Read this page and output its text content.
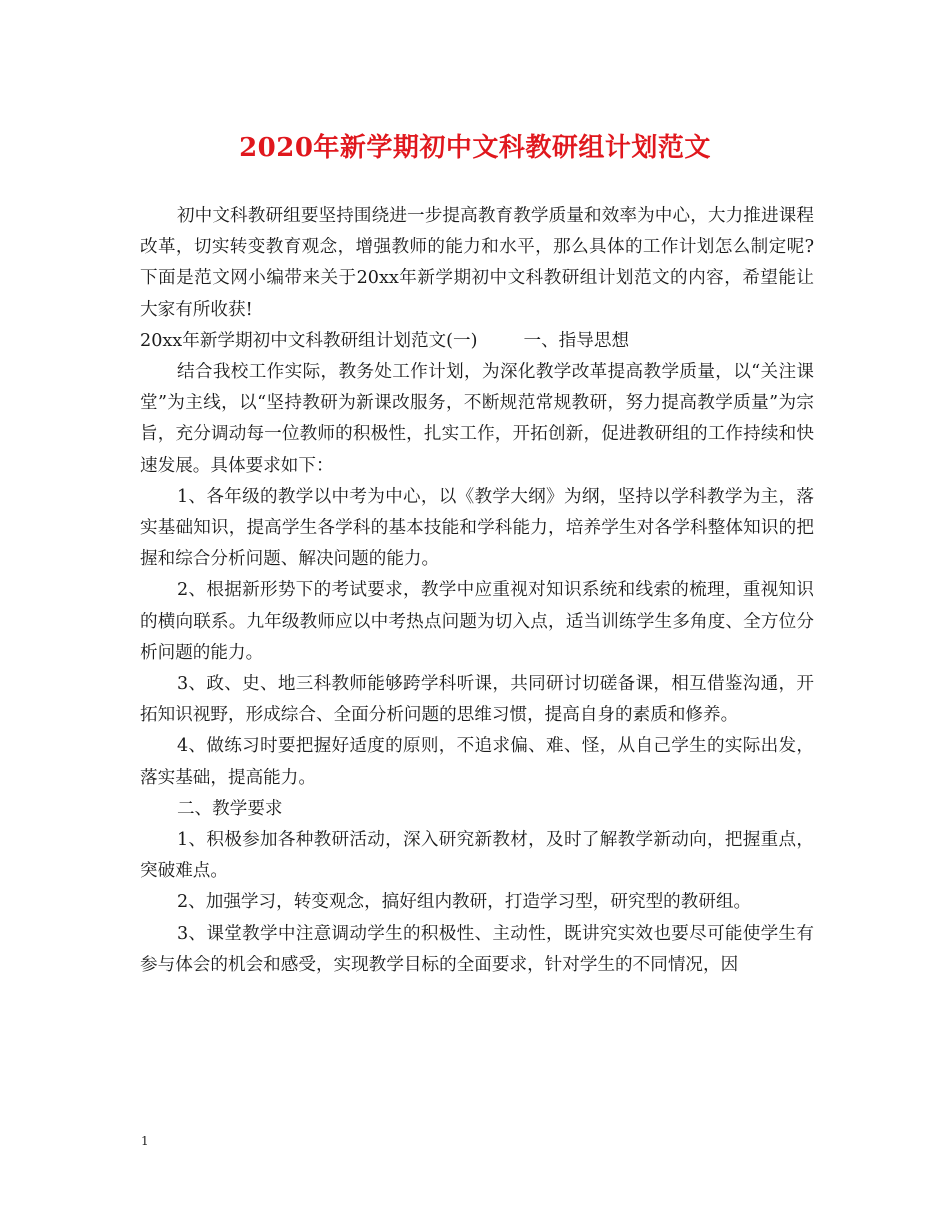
2020年新学期初中文科教研组计划范文

初中文科教研组要坚持围绕进一步提高教育教学质量和效率为中心，大力推进课程改革，切实转变教育观念，增强教师的能力和水平，那么具体的工作计划怎么制定呢?下面是范文网小编带来关于20xx年新学期初中文科教研组计划范文的内容，希望能让大家有所收获!

20xx年新学期初中文科教研组计划范文(一)	一、指导思想

结合我校工作实际，教务处工作计划，为深化教学改革提高教学质量，以“关注课堂”为主线，以“坚持教研为新课改服务，不断规范常规教研，努力提高教学质量”为宗旨，充分调动每一位教师的积极性，扎实工作，开拓创新，促进教研组的工作持续和快速发展。具体要求如下：

1、各年级的教学以中考为中心，以《教学大纲》为纲，坚持以学科教学为主，落实基础知识，提高学生各学科的基本技能和学科能力，培养学生对各学科整体知识的把握和综合分析问题、解决问题的能力。

2、根据新形势下的考试要求，教学中应重视对知识系统和线索的梳理，重视知识的横向联系。九年级教师应以中考热点问题为切入点，适当训练学生多角度、全方位分析问题的能力。

3、政、史、地三科教师能够跨学科听课，共同研讨切磋备课，相互借鉴沟通，开拓知识视野，形成综合、全面分析问题的思维习惯，提高自身的素质和修养。

4、做练习时要把握好适度的原则，不追求偏、难、怪，从自己学生的实际出发，落实基础，提高能力。

二、教学要求

1、积极参加各种教研活动，深入研究新教材，及时了解教学新动向，把握重点，突破难点。

2、加强学习，转变观念，搞好组内教研，打造学习型，研究型的教研组。

3、课堂教学中注意调动学生的积极性、主动性，既讲究实效也要尽可能使学生有参与体会的机会和感受，实现教学目标的全面要求，针对学生的不同情况，因

1
